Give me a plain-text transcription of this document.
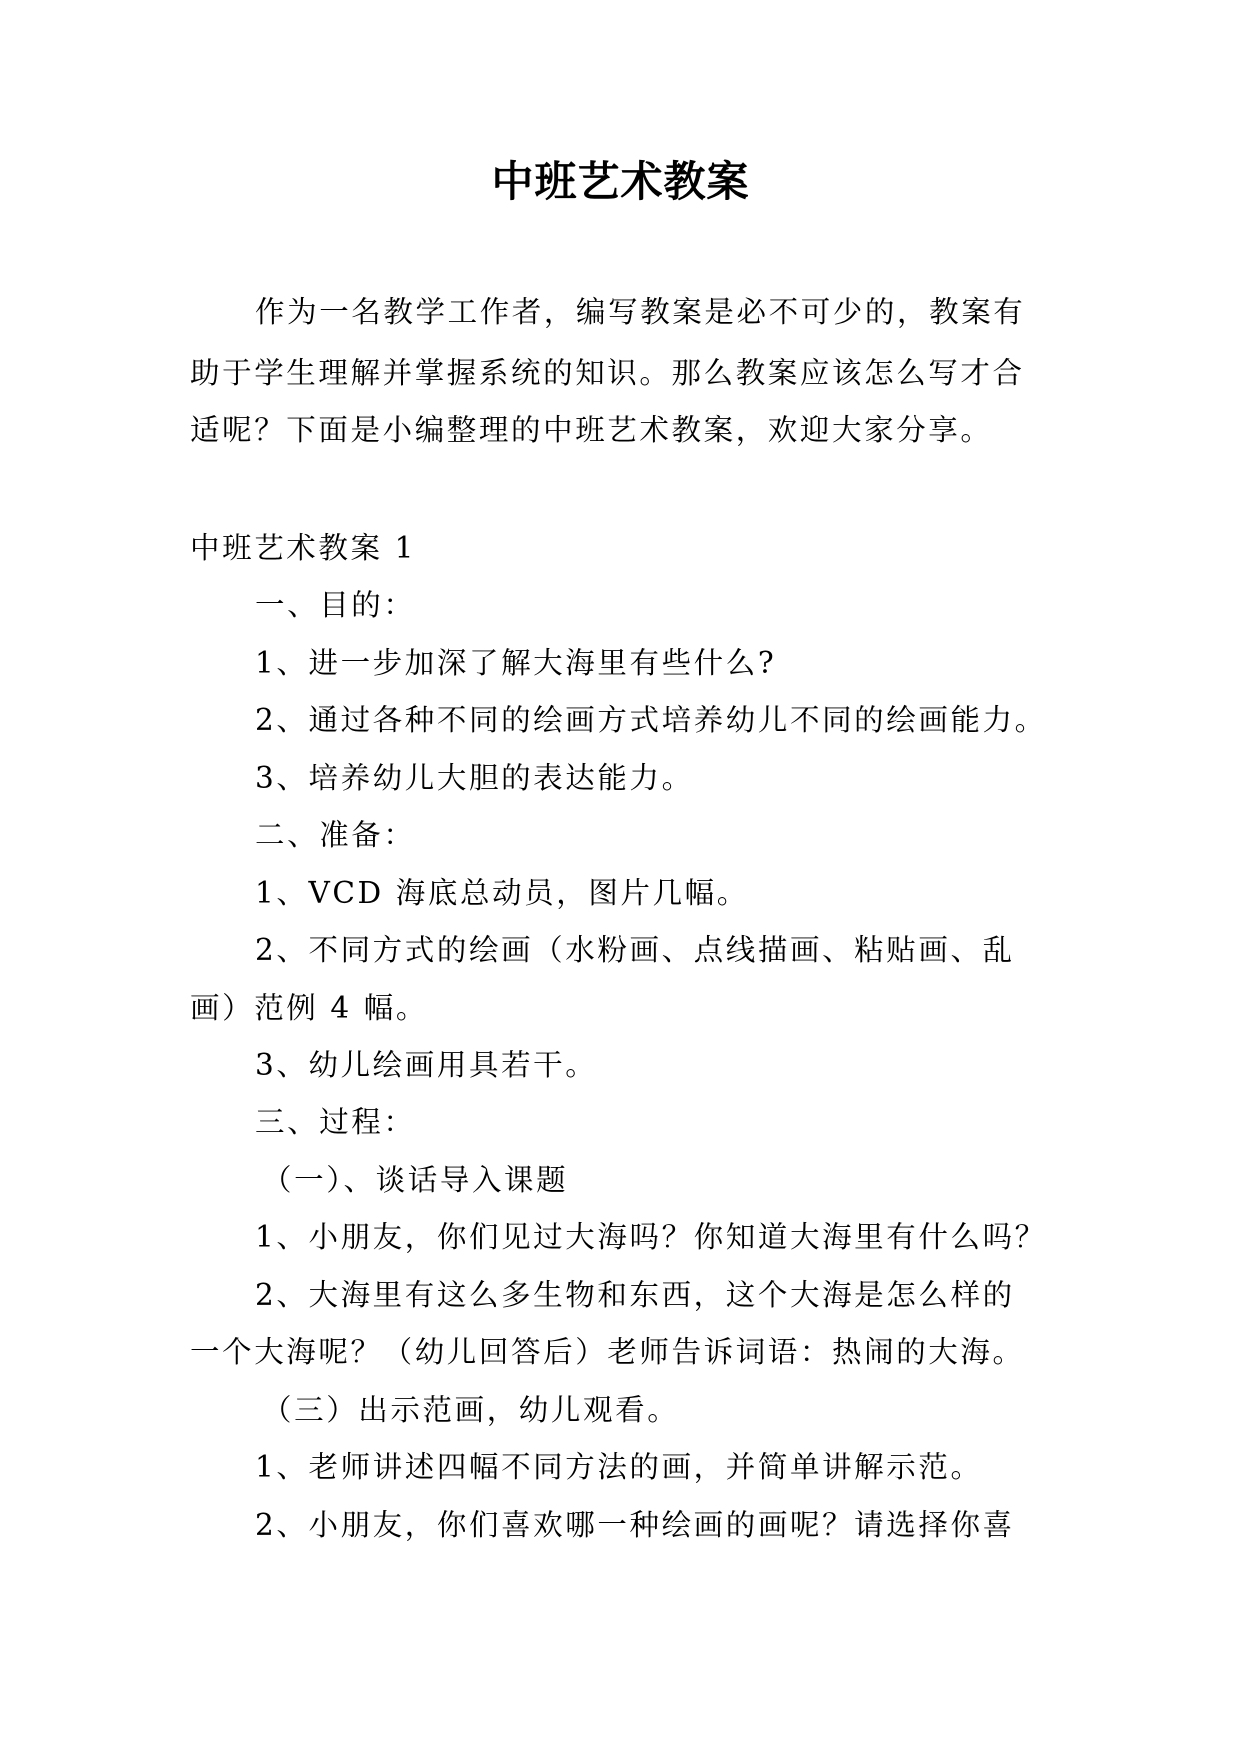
中班艺术教案
作为一名教学工作者，编写教案是必不可少的，教案有
助于学生理解并掌握系统的知识。那么教案应该怎么写才合
适呢？下面是小编整理的中班艺术教案，欢迎大家分享。
中班艺术教案 1
一、目的：
1、进一步加深了解大海里有些什么?
2、通过各种不同的绘画方式培养幼儿不同的绘画能力。
3、培养幼儿大胆的表达能力。
二、准备：
1、VCD 海底总动员，图片几幅。
2、不同方式的绘画（水粉画、点线描画、粘贴画、乱
画）范例 4 幅。
3、幼儿绘画用具若干。
三、过程：
（一）、谈话导入课题
1、小朋友，你们见过大海吗？你知道大海里有什么吗？
2、大海里有这么多生物和东西，这个大海是怎么样的
一个大海呢？（幼儿回答后）老师告诉词语：热闹的大海。
（三）出示范画，幼儿观看。
1、老师讲述四幅不同方法的画，并简单讲解示范。
2、小朋友，你们喜欢哪一种绘画的画呢？请选择你喜
